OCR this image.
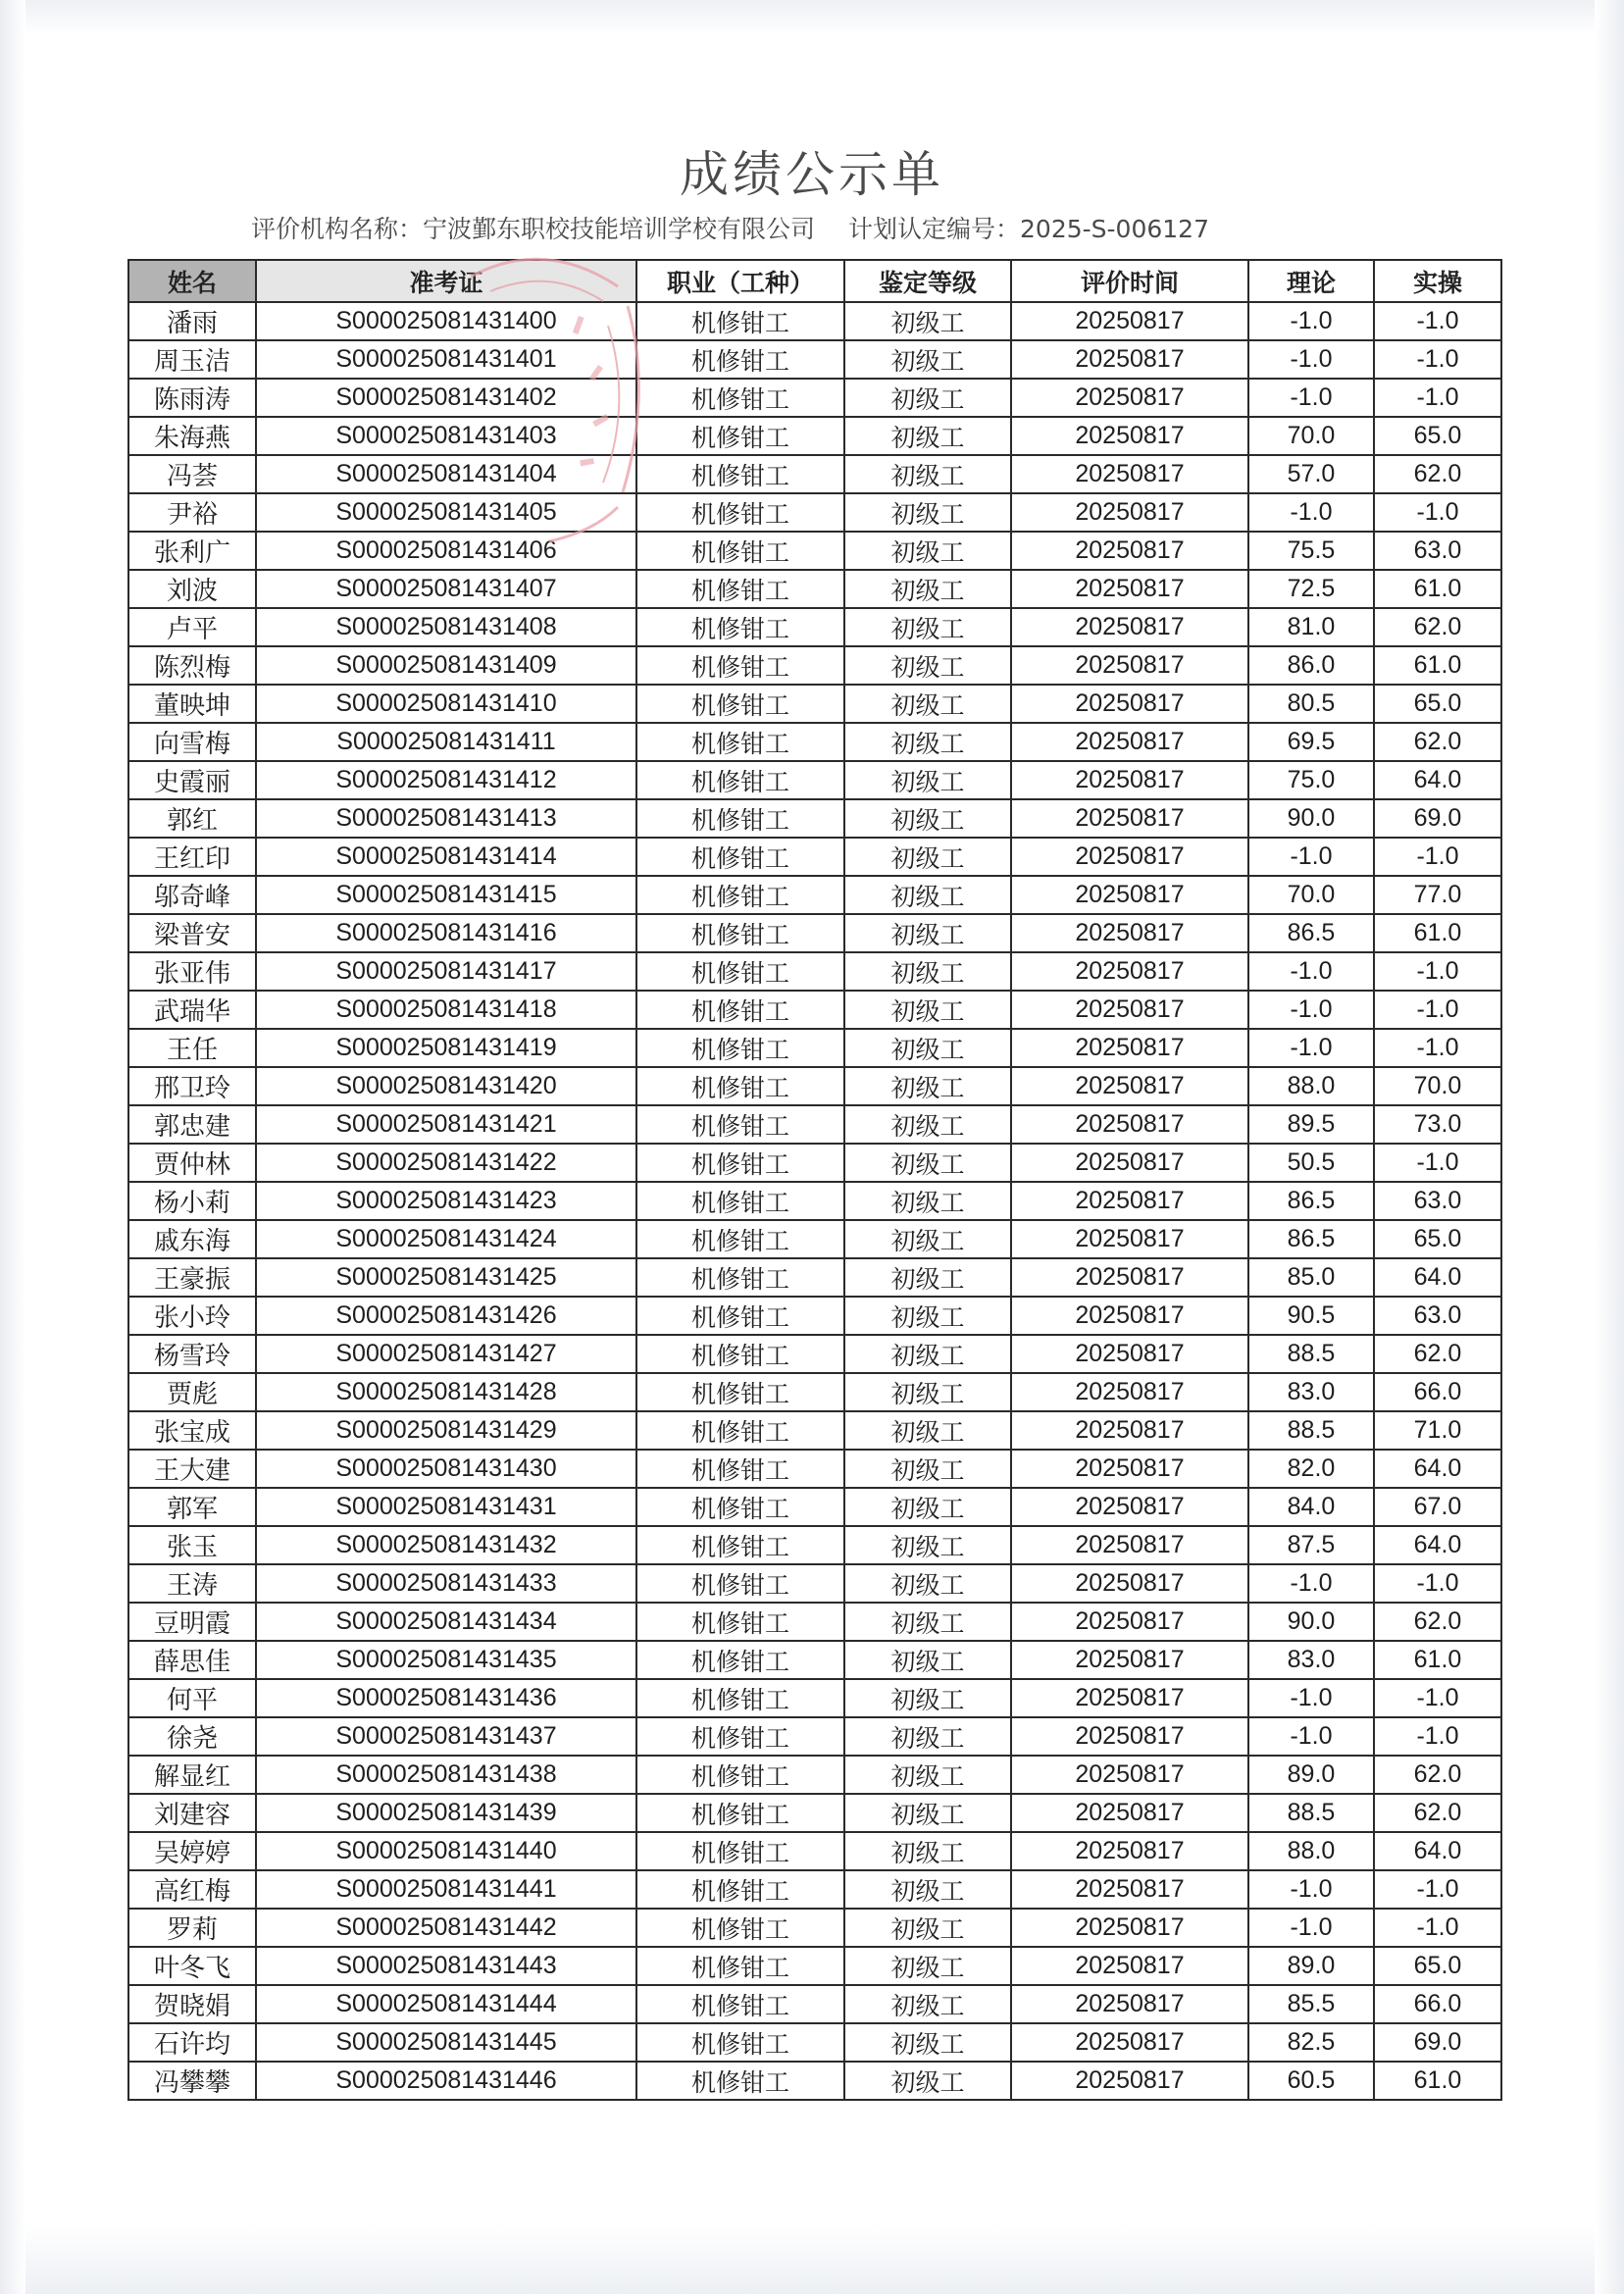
成绩公示单
评价机构名称：宁波鄞东职校技能培训学校有限公司 计划认定编号：2025-S-006127
姓名	准考证	职业（工种）	鉴定等级	评价时间	理论	实操
潘雨	S000025081431400	机修钳工	初级工	20250817	-1.0	-1.0
周玉洁	S000025081431401	机修钳工	初级工	20250817	-1.0	-1.0
陈雨涛	S000025081431402	机修钳工	初级工	20250817	-1.0	-1.0
朱海燕	S000025081431403	机修钳工	初级工	20250817	70.0	65.0
冯荟	S000025081431404	机修钳工	初级工	20250817	57.0	62.0
尹裕	S000025081431405	机修钳工	初级工	20250817	-1.0	-1.0
张利广	S000025081431406	机修钳工	初级工	20250817	75.5	63.0
刘波	S000025081431407	机修钳工	初级工	20250817	72.5	61.0
卢平	S000025081431408	机修钳工	初级工	20250817	81.0	62.0
陈烈梅	S000025081431409	机修钳工	初级工	20250817	86.0	61.0
董映坤	S000025081431410	机修钳工	初级工	20250817	80.5	65.0
向雪梅	S000025081431411	机修钳工	初级工	20250817	69.5	62.0
史霞丽	S000025081431412	机修钳工	初级工	20250817	75.0	64.0
郭红	S000025081431413	机修钳工	初级工	20250817	90.0	69.0
王红印	S000025081431414	机修钳工	初级工	20250817	-1.0	-1.0
邬奇峰	S000025081431415	机修钳工	初级工	20250817	70.0	77.0
梁普安	S000025081431416	机修钳工	初级工	20250817	86.5	61.0
张亚伟	S000025081431417	机修钳工	初级工	20250817	-1.0	-1.0
武瑞华	S000025081431418	机修钳工	初级工	20250817	-1.0	-1.0
王任	S000025081431419	机修钳工	初级工	20250817	-1.0	-1.0
邢卫玲	S000025081431420	机修钳工	初级工	20250817	88.0	70.0
郭忠建	S000025081431421	机修钳工	初级工	20250817	89.5	73.0
贾仲林	S000025081431422	机修钳工	初级工	20250817	50.5	-1.0
杨小莉	S000025081431423	机修钳工	初级工	20250817	86.5	63.0
戚东海	S000025081431424	机修钳工	初级工	20250817	86.5	65.0
王豪振	S000025081431425	机修钳工	初级工	20250817	85.0	64.0
张小玲	S000025081431426	机修钳工	初级工	20250817	90.5	63.0
杨雪玲	S000025081431427	机修钳工	初级工	20250817	88.5	62.0
贾彪	S000025081431428	机修钳工	初级工	20250817	83.0	66.0
张宝成	S000025081431429	机修钳工	初级工	20250817	88.5	71.0
王大建	S000025081431430	机修钳工	初级工	20250817	82.0	64.0
郭军	S000025081431431	机修钳工	初级工	20250817	84.0	67.0
张玉	S000025081431432	机修钳工	初级工	20250817	87.5	64.0
王涛	S000025081431433	机修钳工	初级工	20250817	-1.0	-1.0
豆明霞	S000025081431434	机修钳工	初级工	20250817	90.0	62.0
薛思佳	S000025081431435	机修钳工	初级工	20250817	83.0	61.0
何平	S000025081431436	机修钳工	初级工	20250817	-1.0	-1.0
徐尧	S000025081431437	机修钳工	初级工	20250817	-1.0	-1.0
解显红	S000025081431438	机修钳工	初级工	20250817	89.0	62.0
刘建容	S000025081431439	机修钳工	初级工	20250817	88.5	62.0
吴婷婷	S000025081431440	机修钳工	初级工	20250817	88.0	64.0
高红梅	S000025081431441	机修钳工	初级工	20250817	-1.0	-1.0
罗莉	S000025081431442	机修钳工	初级工	20250817	-1.0	-1.0
叶冬飞	S000025081431443	机修钳工	初级工	20250817	89.0	65.0
贺晓娟	S000025081431444	机修钳工	初级工	20250817	85.5	66.0
石许均	S000025081431445	机修钳工	初级工	20250817	82.5	69.0
冯攀攀	S000025081431446	机修钳工	初级工	20250817	60.5	61.0
